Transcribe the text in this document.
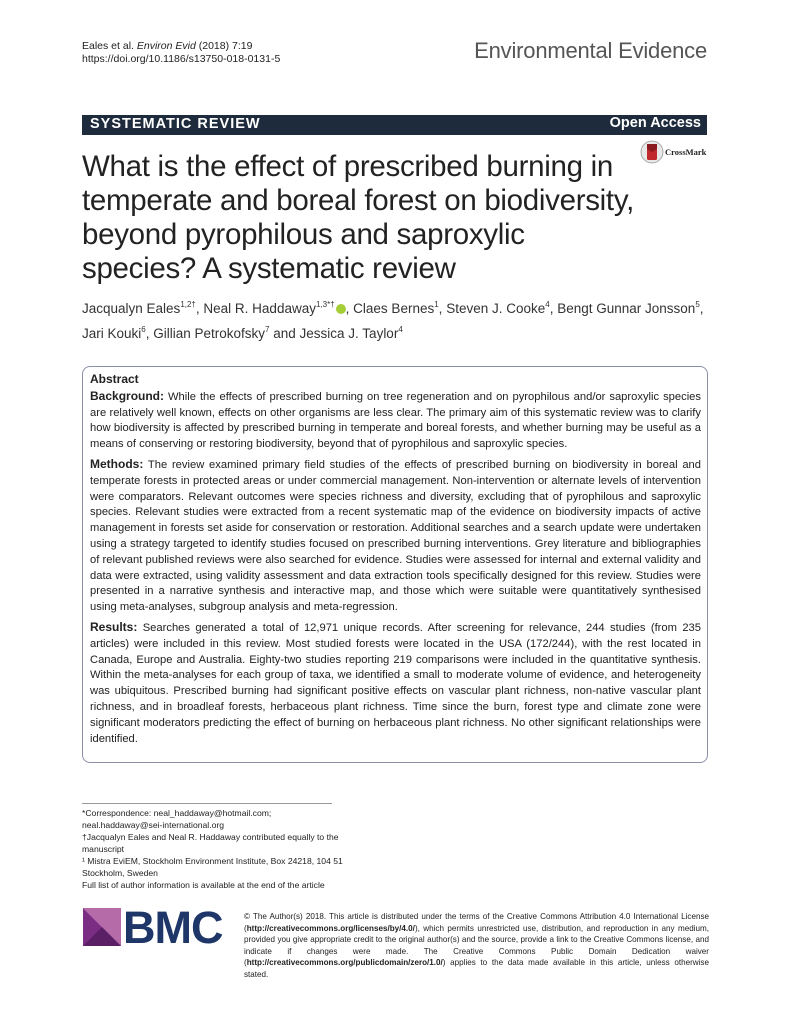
Eales et al. Environ Evid (2018) 7:19
https://doi.org/10.1186/s13750-018-0131-5	Environmental Evidence
SYSTEMATIC REVIEW	Open Access
CrossMark
What is the effect of prescribed burning in temperate and boreal forest on biodiversity, beyond pyrophilous and saproxylic species? A systematic review
Jacqualyn Eales$^{1,2\dagger}$, Neal R. Haddaway$^{1,3*\dagger}$ , Claes Bernes$^1$, Steven J. Cooke$^4$, Bengt Gunnar Jonsson$^5$,
Jari Kouki$^6$, Gillian Petrokofsky$^7$ and Jessica J. Taylor$^4$
Abstract

Background: While the effects of prescribed burning on tree regeneration and on pyrophilous and/or saproxylic species are relatively well known, effects on other organisms are less clear. The primary aim of this systematic review was to clarify how biodiversity is affected by prescribed burning in temperate and boreal forests, and whether burning may be useful as a means of conserving or restoring biodiversity, beyond that of pyrophilous and saproxylic species.

Methods: The review examined primary field studies of the effects of prescribed burning on biodiversity in boreal and temperate forests in protected areas or under commercial management. Non-intervention or alternate levels of intervention were comparators. Relevant outcomes were species richness and diversity, excluding that of pyrophilous and saproxylic species. Relevant studies were extracted from a recent systematic map of the evidence on biodiversity impacts of active management in forests set aside for conservation or restoration. Additional searches and a search update were undertaken using a strategy targeted to identify studies focused on prescribed burning interventions. Grey literature and bibliographies of relevant published reviews were also searched for evidence. Studies were assessed for internal and external validity and data were extracted, using validity assessment and data extraction tools specifically designed for this review. Studies were presented in a narrative synthesis and interactive map, and those which were suitable were quantitatively synthesised using meta-analyses, subgroup analysis and meta-regression.

Results: Searches generated a total of 12,971 unique records. After screening for relevance, 244 studies (from 235 articles) were included in this review. Most studied forests were located in the USA (172/244), with the rest located in Canada, Europe and Australia. Eighty-two studies reporting 219 comparisons were included in the quantitative synthesis. Within the meta-analyses for each group of taxa, we identified a small to moderate volume of evidence, and heterogeneity was ubiquitous. Prescribed burning had significant positive effects on vascular plant richness, non-native vascular plant richness, and in broadleaf forests, herbaceous plant richness. Time since the burn, forest type and climate zone were significant moderators predicting the effect of burning on herbaceous plant richness. No other significant relationships were identified.

*Correspondence: neal_haddaway@hotmail.com;
neal.haddaway@sei-international.org
†Jacqualyn Eales and Neal R. Haddaway contributed equally to the manuscript
¹ Mistra EviEM, Stockholm Environment Institute, Box 24218, 104 51 Stockholm, Sweden
Full list of author information is available at the end of the article
BMC	© The Author(s) 2018. This article is distributed under the terms of the Creative Commons Attribution 4.0 International License (http://creativecommons.org/licenses/by/4.0/), which permits unrestricted use, distribution, and reproduction in any medium, provided you give appropriate credit to the original author(s) and the source, provide a link to the Creative Commons license, and indicate if changes were made. The Creative Commons Public Domain Dedication waiver (http://creativecommons.org/publicdomain/zero/1.0/) applies to the data made available in this article, unless otherwise stated.
